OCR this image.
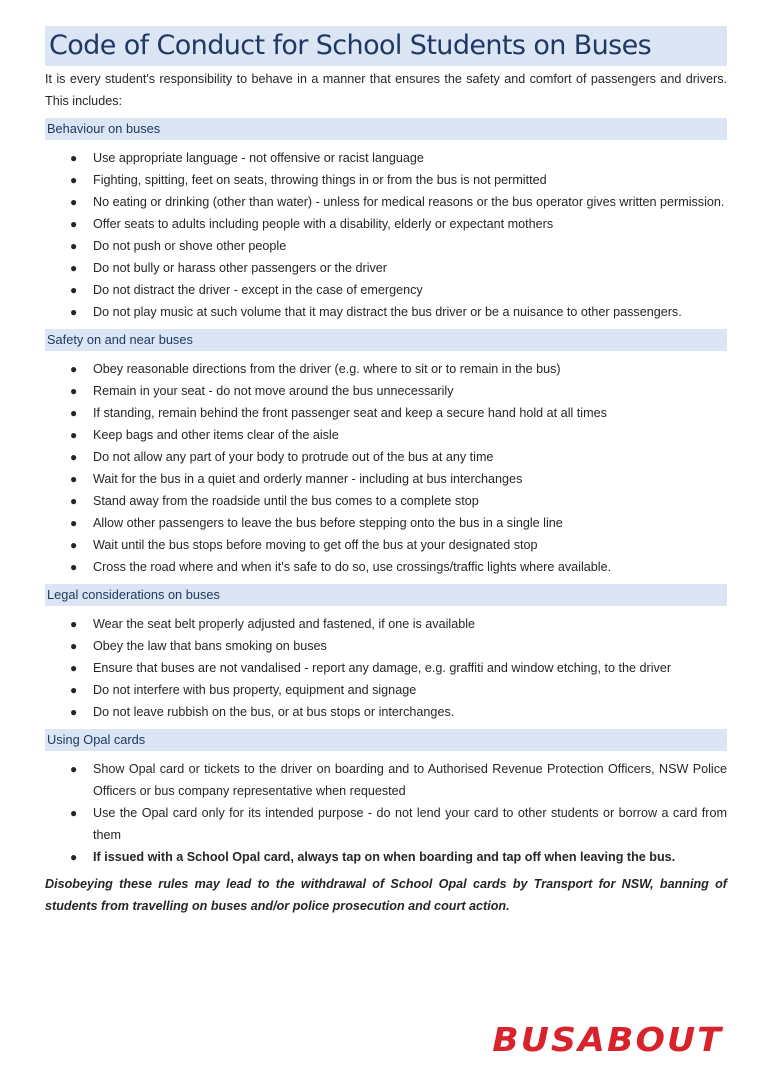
Code of Conduct for School Students on Buses

It is every student's responsibility to behave in a manner that ensures the safety and comfort of passengers and drivers. This includes:

Behaviour on buses
● Use appropriate language - not offensive or racist language
● Fighting, spitting, feet on seats, throwing things in or from the bus is not permitted
● No eating or drinking (other than water) - unless for medical reasons or the bus operator gives written permission.
● Offer seats to adults including people with a disability, elderly or expectant mothers
● Do not push or shove other people
● Do not bully or harass other passengers or the driver
● Do not distract the driver - except in the case of emergency
● Do not play music at such volume that it may distract the bus driver or be a nuisance to other passengers.
Safety on and near buses
● Obey reasonable directions from the driver (e.g. where to sit or to remain in the bus)
● Remain in your seat - do not move around the bus unnecessarily
● If standing, remain behind the front passenger seat and keep a secure hand hold at all times
● Keep bags and other items clear of the aisle
● Do not allow any part of your body to protrude out of the bus at any time
● Wait for the bus in a quiet and orderly manner - including at bus interchanges
● Stand away from the roadside until the bus comes to a complete stop
● Allow other passengers to leave the bus before stepping onto the bus in a single line
● Wait until the bus stops before moving to get off the bus at your designated stop
● Cross the road where and when it's safe to do so, use crossings/traffic lights where available.
Legal considerations on buses
● Wear the seat belt properly adjusted and fastened, if one is available
● Obey the law that bans smoking on buses
● Ensure that buses are not vandalised - report any damage, e.g. graffiti and window etching, to the driver
● Do not interfere with bus property, equipment and signage
● Do not leave rubbish on the bus, or at bus stops or interchanges.
Using Opal cards
● Show Opal card or tickets to the driver on boarding and to Authorised Revenue Protection Officers, NSW Police Officers or bus company representative when requested
● Use the Opal card only for its intended purpose - do not lend your card to other students or borrow a card from them
● If issued with a School Opal card, always tap on when boarding and tap off when leaving the bus.

Disobeying these rules may lead to the withdrawal of School Opal cards by Transport for NSW, banning of students from travelling on buses and/or police prosecution and court action.

BUSABOUT
